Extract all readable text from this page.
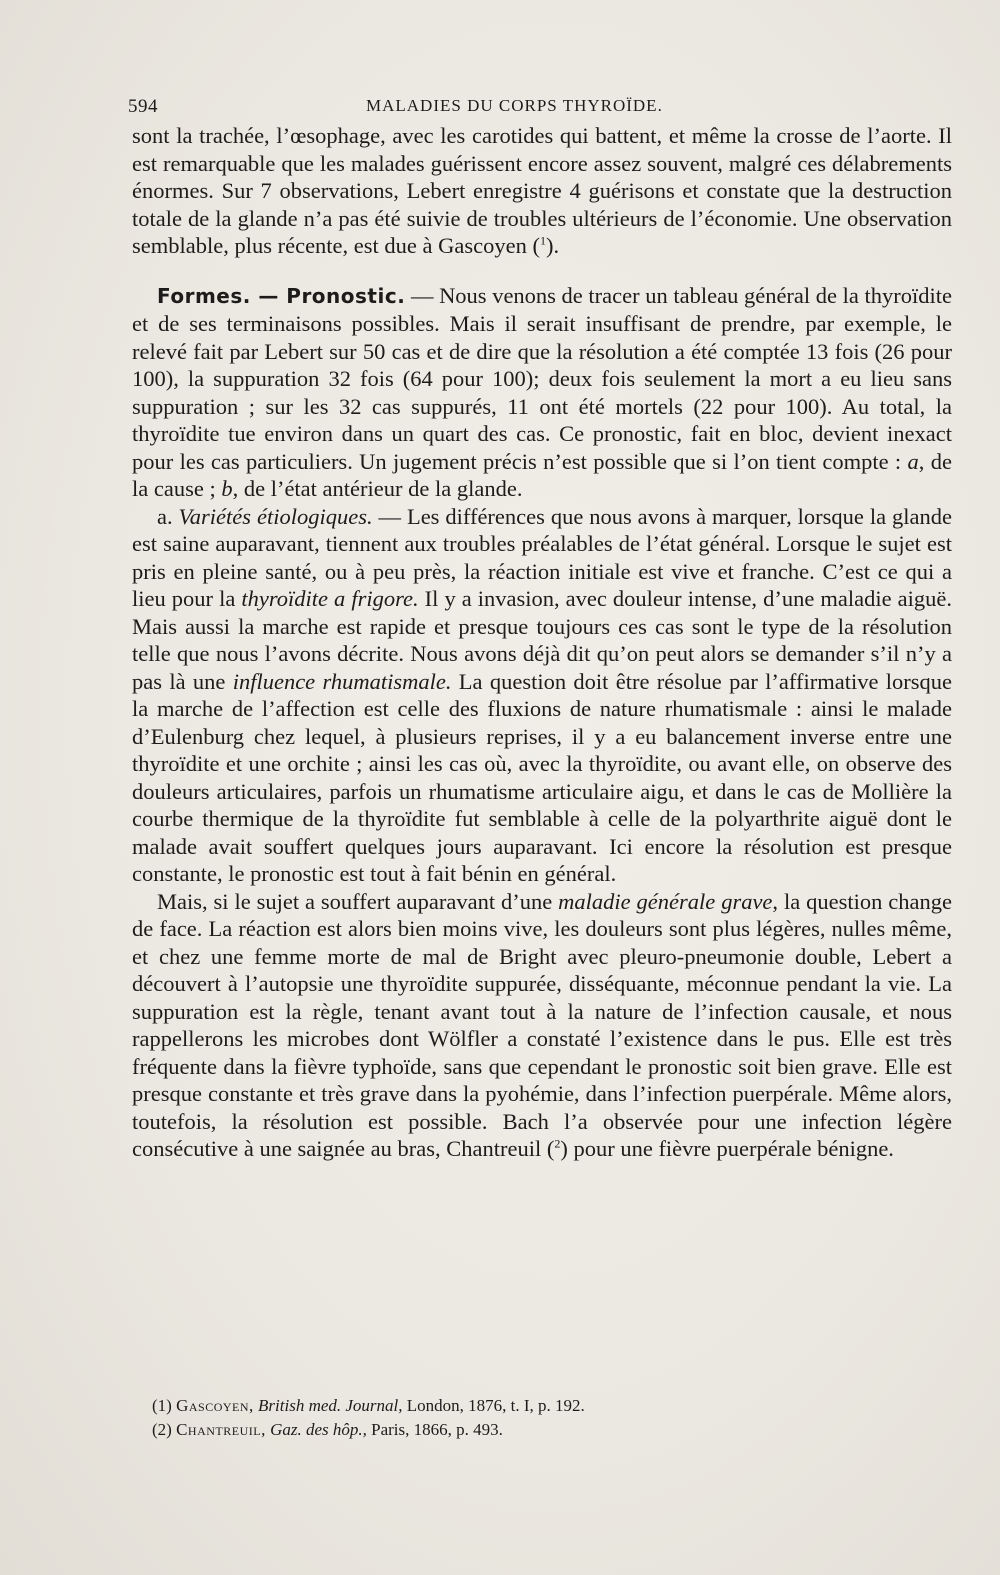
594	MALADIES DU CORPS THYROÏDE.

sont la trachée, l’œsophage, avec les carotides qui battent, et même la crosse de l’aorte. Il est remarquable que les malades guérissent encore assez souvent, malgré ces délabrements énormes. Sur 7 observations, Lebert enregistre 4 guérisons et constate que la destruction totale de la glande n’a pas été suivie de troubles ultérieurs de l’économie. Une observation semblable, plus récente, est due à Gascoyen ($^1$).

Formes. — Pronostic. — Nous venons de tracer un tableau général de la thyroïdite et de ses terminaisons possibles. Mais il serait insuffisant de prendre, par exemple, le relevé fait par Lebert sur 50 cas et de dire que la résolution a été comptée 13 fois (26 pour 100), la suppuration 32 fois (64 pour 100); deux fois seulement la mort a eu lieu sans suppuration ; sur les 32 cas suppurés, 11 ont été mortels (22 pour 100). Au total, la thyroïdite tue environ dans un quart des cas. Ce pronostic, fait en bloc, devient inexact pour les cas particuliers. Un jugement précis n’est possible que si l’on tient compte : a, de la cause ; b, de l’état antérieur de la glande.

a. Variétés étiologiques. — Les différences que nous avons à marquer, lorsque la glande est saine auparavant, tiennent aux troubles préalables de l’état général. Lorsque le sujet est pris en pleine santé, ou à peu près, la réaction initiale est vive et franche. C’est ce qui a lieu pour la thyroïdite a frigore. Il y a invasion, avec douleur intense, d’une maladie aiguë. Mais aussi la marche est rapide et presque toujours ces cas sont le type de la résolution telle que nous l’avons décrite. Nous avons déjà dit qu’on peut alors se demander s’il n’y a pas là une influence rhumatismale. La question doit être résolue par l’affirmative lorsque la marche de l’affection est celle des fluxions de nature rhumatismale : ainsi le malade d’Eulenburg chez lequel, à plusieurs reprises, il y a eu balancement inverse entre une thyroïdite et une orchite ; ainsi les cas où, avec la thyroïdite, ou avant elle, on observe des douleurs articulaires, parfois un rhumatisme articulaire aigu, et dans le cas de Mollière la courbe thermique de la thyroïdite fut semblable à celle de la polyarthrite aiguë dont le malade avait souffert quelques jours auparavant. Ici encore la résolution est presque constante, le pronostic est tout à fait bénin en général.

Mais, si le sujet a souffert auparavant d’une maladie générale grave, la question change de face. La réaction est alors bien moins vive, les douleurs sont plus légères, nulles même, et chez une femme morte de mal de Bright avec pleuro-pneumonie double, Lebert a découvert à l’autopsie une thyroïdite suppurée, disséquante, méconnue pendant la vie. La suppuration est la règle, tenant avant tout à la nature de l’infection causale, et nous rappellerons les microbes dont Wölfler a constaté l’existence dans le pus. Elle est très fréquente dans la fièvre typhoïde, sans que cependant le pronostic soit bien grave. Elle est presque constante et très grave dans la pyohémie, dans l’infection puerpérale. Même alors, toutefois, la résolution est possible. Bach l’a observée pour une infection légère consécutive à une saignée au bras, Chantreuil ($^2$) pour une fièvre puerpérale bénigne.

(1) Gascoyen, British med. Journal, London, 1876, t. I, p. 192.

(2) Chantreuil, Gaz. des hôp., Paris, 1866, p. 493.
